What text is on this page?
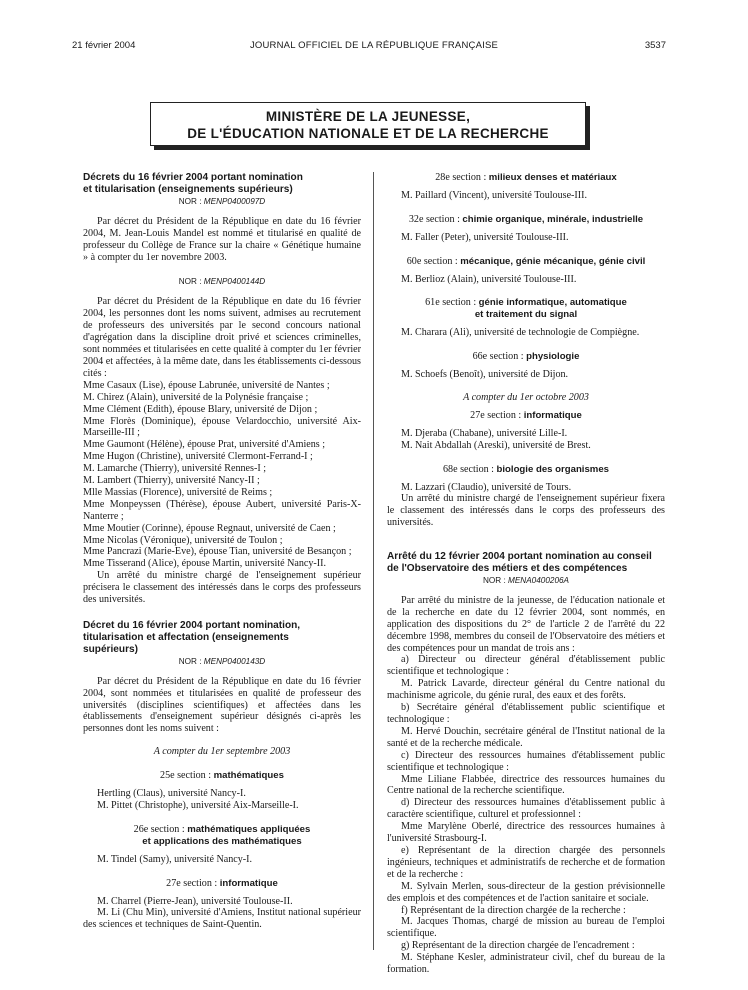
21 février 2004	JOURNAL OFFICIEL DE LA RÉPUBLIQUE FRANÇAISE	3537
MINISTÈRE DE LA JEUNESSE,
DE L'ÉDUCATION NATIONALE ET DE LA RECHERCHE

Décrets du 16 février 2004 portant nomination

et titularisation (enseignements supérieurs)

NOR : MENP0400097D

Par décret du Président de la République en date du 16 février 2004, M. Jean-Louis Mandel est nommé et titularisé en qualité de professeur du Collège de France sur la chaire « Génétique humaine » à compter du 1er novembre 2003.

NOR : MENP0400144D

Par décret du Président de la République en date du 16 février 2004, les personnes dont les noms suivent, admises au recrutement de professeurs des universités par le second concours national d'agrégation dans la discipline droit privé et sciences criminelles, sont nommées et titularisées en cette qualité à compter du 1er février 2004 et affectées, à la même date, dans les établissements ci-dessous cités :

Mme Casaux (Lise), épouse Labrunée, université de Nantes ;

M. Chirez (Alain), université de la Polynésie française ;

Mme Clément (Edith), épouse Blary, université de Dijon ;

Mme Florès (Dominique), épouse Velardocchio, université Aix-Marseille-III ;

Mme Gaumont (Hélène), épouse Prat, université d'Amiens ;

Mme Hugon (Christine), université Clermont-Ferrand-I ;

M. Lamarche (Thierry), université Rennes-I ;

M. Lambert (Thierry), université Nancy-II ;

Mlle Massias (Florence), université de Reims ;

Mme Monpeyssen (Thérèse), épouse Aubert, université Paris-X-Nanterre ;

Mme Moutier (Corinne), épouse Regnaut, université de Caen ;

Mme Nicolas (Véronique), université de Toulon ;

Mme Pancrazi (Marie-Eve), épouse Tian, université de Besançon ;

Mme Tisserand (Alice), épouse Martin, université Nancy-II.

Un arrêté du ministre chargé de l'enseignement supérieur précisera le classement des intéressés dans le corps des professeurs des universités.

Décret du 16 février 2004 portant nomination,

titularisation et affectation (enseignements

supérieurs)

NOR : MENP0400143D

Par décret du Président de la République en date du 16 février 2004, sont nommées et titularisées en qualité de professeur des universités (disciplines scientifiques) et affectées dans les établissements d'enseignement supérieur désignés ci-après les personnes dont les noms suivent :

A compter du 1er septembre 2003

25e section : mathématiques

Hertling (Claus), université Nancy-I.

M. Pittet (Christophe), université Aix-Marseille-I.

26e section : mathématiques appliquées

et applications des mathématiques

M. Tindel (Samy), université Nancy-I.

27e section : informatique

M. Charrel (Pierre-Jean), université Toulouse-II.

M. Li (Chu Min), université d'Amiens, Institut national supérieur des sciences et techniques de Saint-Quentin.

28e section : milieux denses et matériaux

M. Paillard (Vincent), université Toulouse-III.

32e section : chimie organique, minérale, industrielle

M. Faller (Peter), université Toulouse-III.

60e section : mécanique, génie mécanique, génie civil

M. Berlioz (Alain), université Toulouse-III.

61e section : génie informatique, automatique

et traitement du signal

M. Charara (Ali), université de technologie de Compiègne.

66e section : physiologie

M. Schoefs (Benoît), université de Dijon.

A compter du 1er octobre 2003

27e section : informatique

M. Djeraba (Chabane), université Lille-I.

M. Nait Abdallah (Areski), université de Brest.

68e section : biologie des organismes

M. Lazzari (Claudio), université de Tours.

Un arrêté du ministre chargé de l'enseignement supérieur fixera le classement des intéressés dans le corps des professeurs des universités.

Arrêté du 12 février 2004 portant nomination au conseil

de l'Observatoire des métiers et des compétences

NOR : MENA0400206A

Par arrêté du ministre de la jeunesse, de l'éducation nationale et de la recherche en date du 12 février 2004, sont nommés, en application des dispositions du 2° de l'article 2 de l'arrêté du 22 décembre 1998, membres du conseil de l'Observatoire des métiers et des compétences pour un mandat de trois ans :

a) Directeur ou directeur général d'établissement public scientifique et technologique :

M. Patrick Lavarde, directeur général du Centre national du machinisme agricole, du génie rural, des eaux et des forêts.

b) Secrétaire général d'établissement public scientifique et technologique :

M. Hervé Douchin, secrétaire général de l'Institut national de la santé et de la recherche médicale.

c) Directeur des ressources humaines d'établissement public scientifique et technologique :

Mme Liliane Flabbée, directrice des ressources humaines du Centre national de la recherche scientifique.

d) Directeur des ressources humaines d'établissement public à caractère scientifique, culturel et professionnel :

Mme Marylène Oberlé, directrice des ressources humaines à l'université Strasbourg-I.

e) Représentant de la direction chargée des personnels ingénieurs, techniques et administratifs de recherche et de formation et de la recherche :

M. Sylvain Merlen, sous-directeur de la gestion prévisionnelle des emplois et des compétences et de l'action sanitaire et sociale.

f) Représentant de la direction chargée de la recherche :

M. Jacques Thomas, chargé de mission au bureau de l'emploi scientifique.

g) Représentant de la direction chargée de l'encadrement :

M. Stéphane Kesler, administrateur civil, chef du bureau de la formation.
